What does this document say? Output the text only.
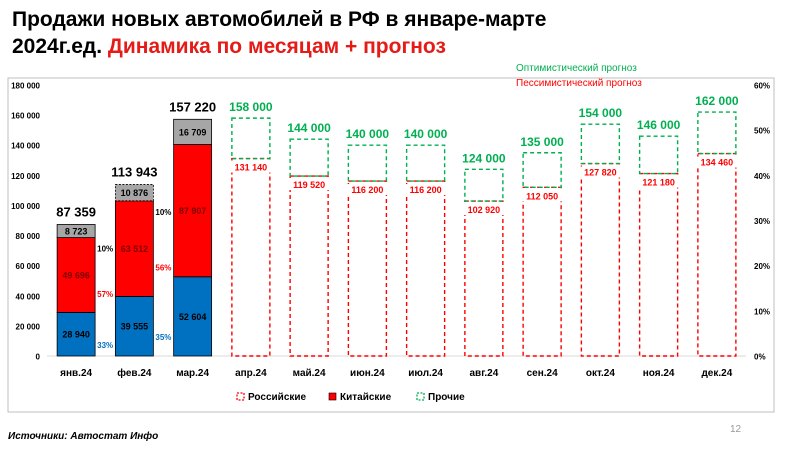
0
20 000
40 000
60 000
80 000
100 000
120 000
140 000
160 000
180 000
0%
10%
20%
30%
40%
50%
60%
28 940
49 696
8 723
87 359
33%
57%
10%
39 555
63 512
10 876
113 943
35%
56%
10%
52 604
87 907
16 709
157 220
131 140
158 000
119 520
144 000
116 200
140 000
116 200
140 000
102 920
124 000
112 050
135 000
127 820
154 000
121 180
146 000
134 460
162 000
янв.24	фев.24 мар.24	апр.24	май.24 июн.24 июл.24	авг.24	сен.24	окт.24	ноя.24	дек.24
Оптимистический прогноз
Пессимистический прогноз
Российские	Китайские	Прочие
Продажи новых автомобилей в РФ в январе-марте 2024г.ед. Динамика по месяцам + прогноз
Источники: Автостат Инфо
12
